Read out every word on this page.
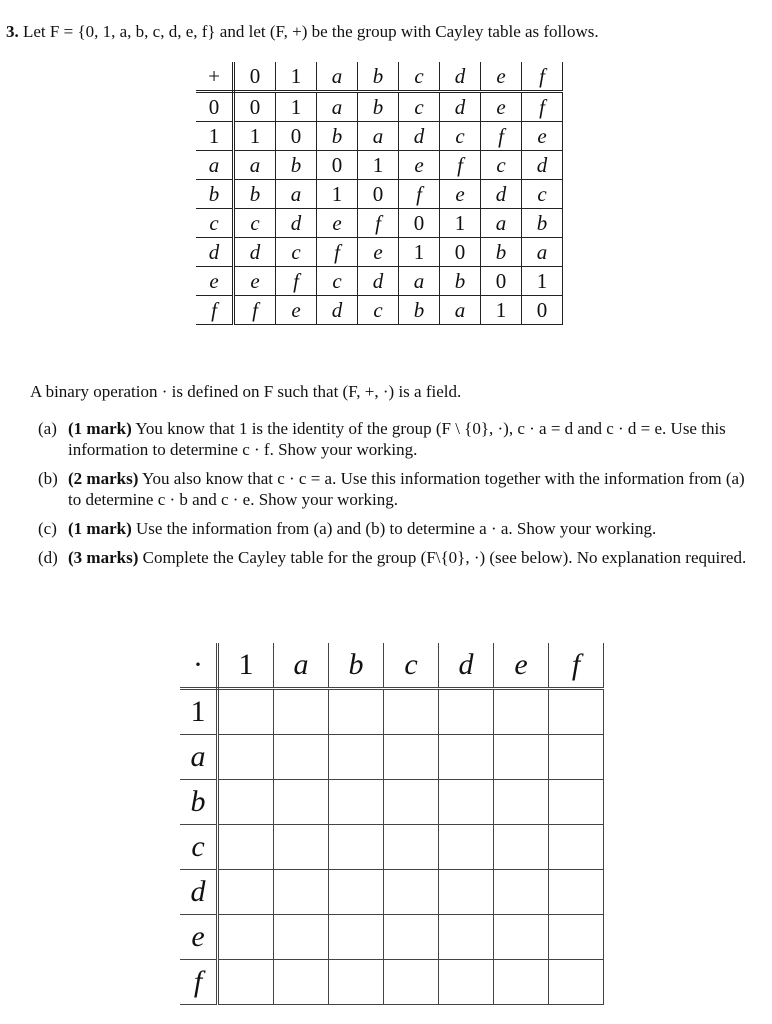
3. Let F = {0, 1, a, b, c, d, e, f} and let (F, +) be the group with Cayley table as follows.
+	0	1	a	b	c	d	e	f
0	0	1	a	b	c	d	e	f
1	1	0	b	a	d	c	f	e
a	a	b	0	1	e	f	c	d
b	b	a	1	0	f	e	d	c
c	c	d	e	f	0	1	a	b
d	d	c	f	e	1	0	b	a
e	e	f	c	d	a	b	0	1
f	f	e	d	c	b	a	1	0
A binary operation · is defined on F such that (F, +, ·) is a field.
(a) (1 mark) You know that 1 is the identity of the group (F \ {0}, ·), c · a = d and c · d = e. Use this information to determine c · f. Show your working.
(b) (2 marks) You also know that c · c = a. Use this information together with the information from (a) to determine c · b and c · e. Show your working.
(c) (1 mark) Use the information from (a) and (b) to determine a · a. Show your working.
(d) (3 marks) Complete the Cayley table for the group (F\{0}, ·) (see below). No explanation required.
·	1	a	b	c	d	e	f
1							
a							
b							
c							
d							
e							
f							
